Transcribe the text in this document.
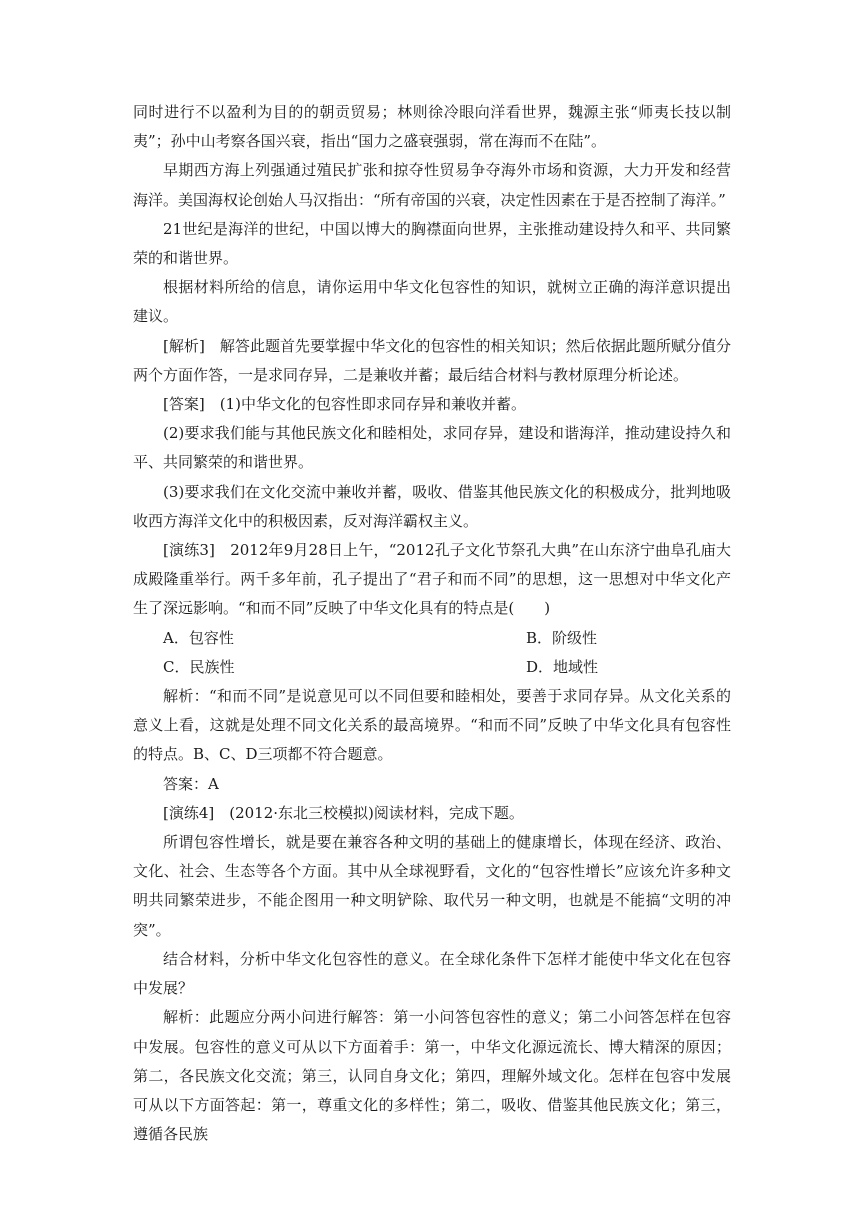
同时进行不以盈利为目的的朝贡贸易；林则徐冷眼向洋看世界，魏源主张“师夷长技以制夷”；孙中山考察各国兴衰，指出“国力之盛衰强弱，常在海而不在陆”。

早期西方海上列强通过殖民扩张和掠夺性贸易争夺海外市场和资源，大力开发和经营海洋。美国海权论创始人马汉指出：“所有帝国的兴衰，决定性因素在于是否控制了海洋。”

21世纪是海洋的世纪，中国以博大的胸襟面向世界，主张推动建设持久和平、共同繁荣的和谐世界。

根据材料所给的信息，请你运用中华文化包容性的知识，就树立正确的海洋意识提出建议。

[解析]　解答此题首先要掌握中华文化的包容性的相关知识；然后依据此题所赋分值分两个方面作答，一是求同存异，二是兼收并蓄；最后结合材料与教材原理分析论述。

[答案]　(1)中华文化的包容性即求同存异和兼收并蓄。

(2)要求我们能与其他民族文化和睦相处，求同存异，建设和谐海洋，推动建设持久和平、共同繁荣的和谐世界。

(3)要求我们在文化交流中兼收并蓄，吸收、借鉴其他民族文化的积极成分，批判地吸收西方海洋文化中的积极因素，反对海洋霸权主义。

[演练3]　2012年9月28日上午，“2012孔子文化节祭孔大典”在山东济宁曲阜孔庙大成殿隆重举行。两千多年前，孔子提出了“君子和而不同”的思想，这一思想对中华文化产生了深远影响。“和而不同”反映了中华文化具有的特点是(　　)

A．包容性	B．阶级性

C．民族性	D．地域性

解析：“和而不同”是说意见可以不同但要和睦相处，要善于求同存异。从文化关系的意义上看，这就是处理不同文化关系的最高境界。“和而不同”反映了中华文化具有包容性的特点。B、C、D三项都不符合题意。

答案：A

[演练4]　(2012·东北三校模拟)阅读材料，完成下题。

所谓包容性增长，就是要在兼容各种文明的基础上的健康增长，体现在经济、政治、文化、社会、生态等各个方面。其中从全球视野看，文化的“包容性增长”应该允许多种文明共同繁荣进步，不能企图用一种文明铲除、取代另一种文明，也就是不能搞“文明的冲突”。

结合材料，分析中华文化包容性的意义。在全球化条件下怎样才能使中华文化在包容中发展？

解析：此题应分两小问进行解答：第一小问答包容性的意义；第二小问答怎样在包容中发展。包容性的意义可从以下方面着手：第一，中华文化源远流长、博大精深的原因；第二，各民族文化交流；第三，认同自身文化；第四，理解外域文化。怎样在包容中发展可从以下方面答起：第一，尊重文化的多样性；第二，吸收、借鉴其他民族文化；第三，遵循各民族
